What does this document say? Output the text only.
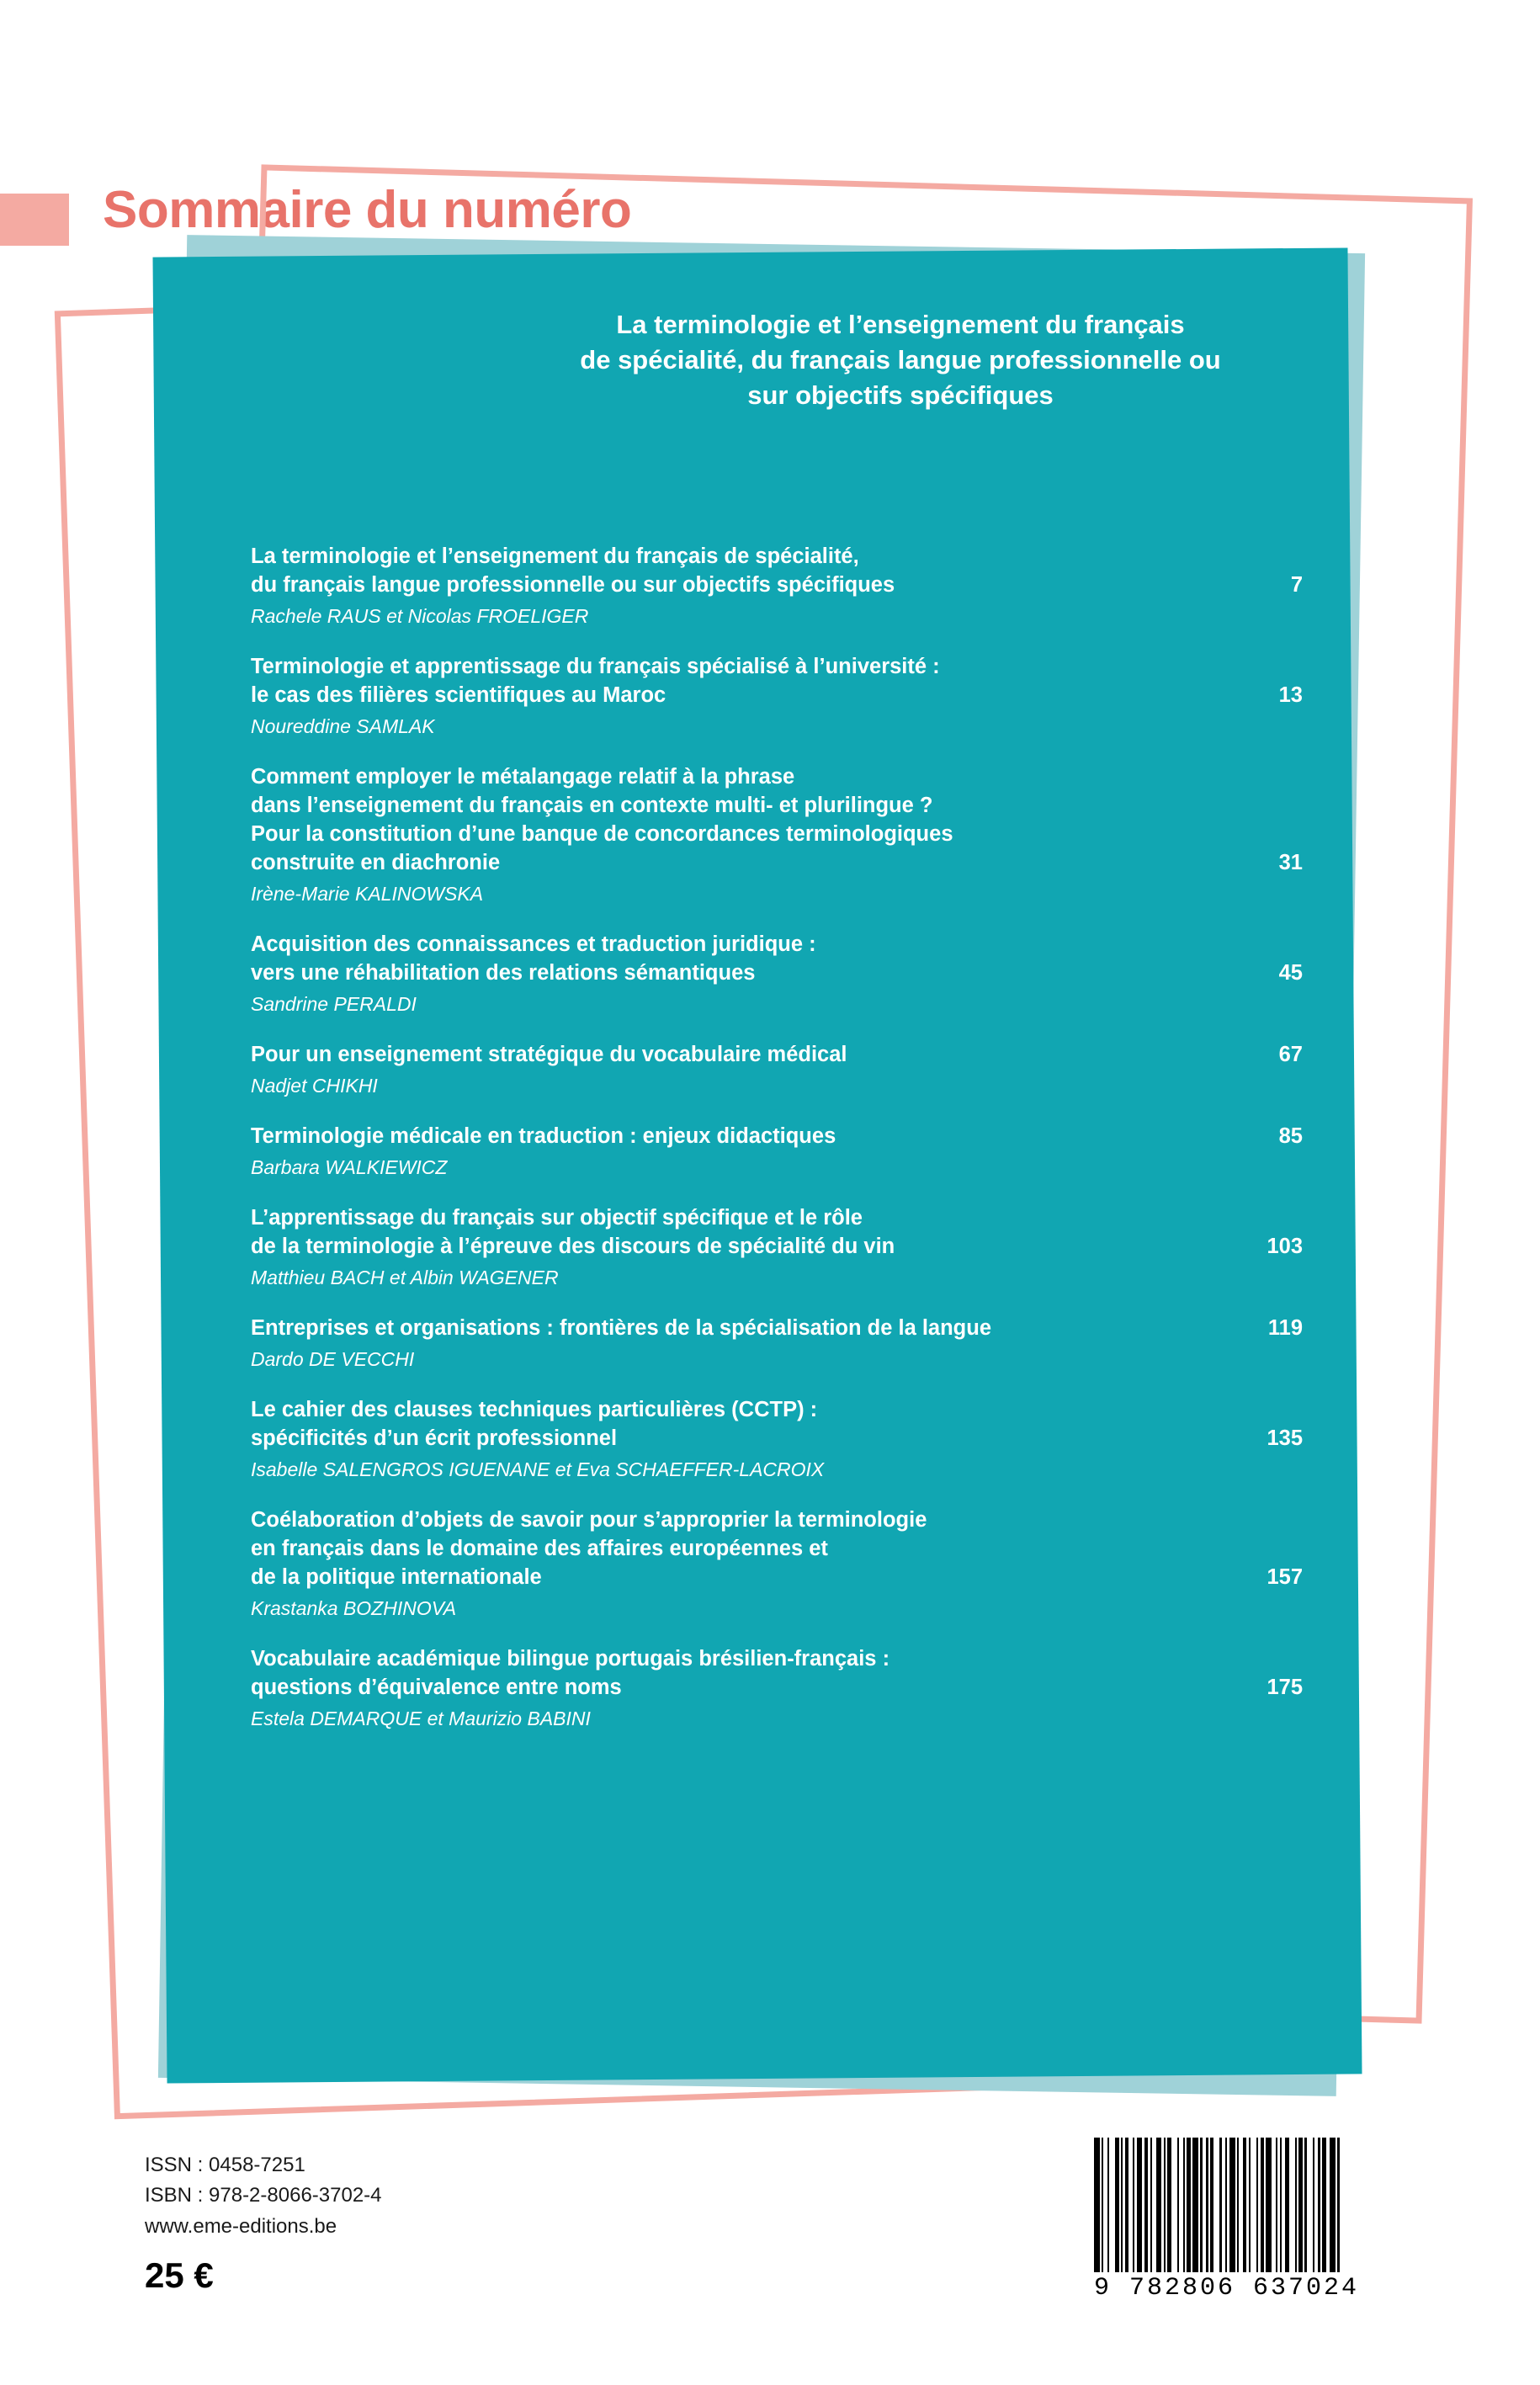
Sommaire du numéro
La terminologie et l’enseignement du français
de spécialité, du français langue professionnelle ou
sur objectifs spécifiques
La terminologie et l’enseignement du français de spécialité,
du français langue professionnelle ou sur objectifs spécifiques	7
Rachele RAUS et Nicolas FROELIGER
Terminologie et apprentissage du français spécialisé à l’université :
le cas des filières scientifiques au Maroc	13
Noureddine SAMLAK
Comment employer le métalangage relatif à la phrase
dans l’enseignement du français en contexte multi- et plurilingue ?
Pour la constitution d’une banque de concordances terminologiques
construite en diachronie	31
Irène-Marie KALINOWSKA
Acquisition des connaissances et traduction juridique :
vers une réhabilitation des relations sémantiques	45
Sandrine PERALDI
Pour un enseignement stratégique du vocabulaire médical	67
Nadjet CHIKHI
Terminologie médicale en traduction : enjeux didactiques	85
Barbara WALKIEWICZ
L’apprentissage du français sur objectif spécifique et le rôle
de la terminologie à l’épreuve des discours de spécialité du vin	103
Matthieu BACH et Albin WAGENER
Entreprises et organisations : frontières de la spécialisation de la langue	119
Dardo DE VECCHI
Le cahier des clauses techniques particulières (CCTP) :
spécificités d’un écrit professionnel	135
Isabelle SALENGROS IGUENANE et Eva SCHAEFFER-LACROIX
Coélaboration d’objets de savoir pour s’approprier la terminologie
en français dans le domaine des affaires européennes et
de la politique internationale	157
Krastanka BOZHINOVA
Vocabulaire académique bilingue portugais brésilien-français :
questions d’équivalence entre noms	175
Estela DEMARQUE et Maurizio BABINI
ISSN : 0458-7251
ISBN : 978-2-8066-3702-4
www.eme-editions.be
25 €	9 782806 637024
